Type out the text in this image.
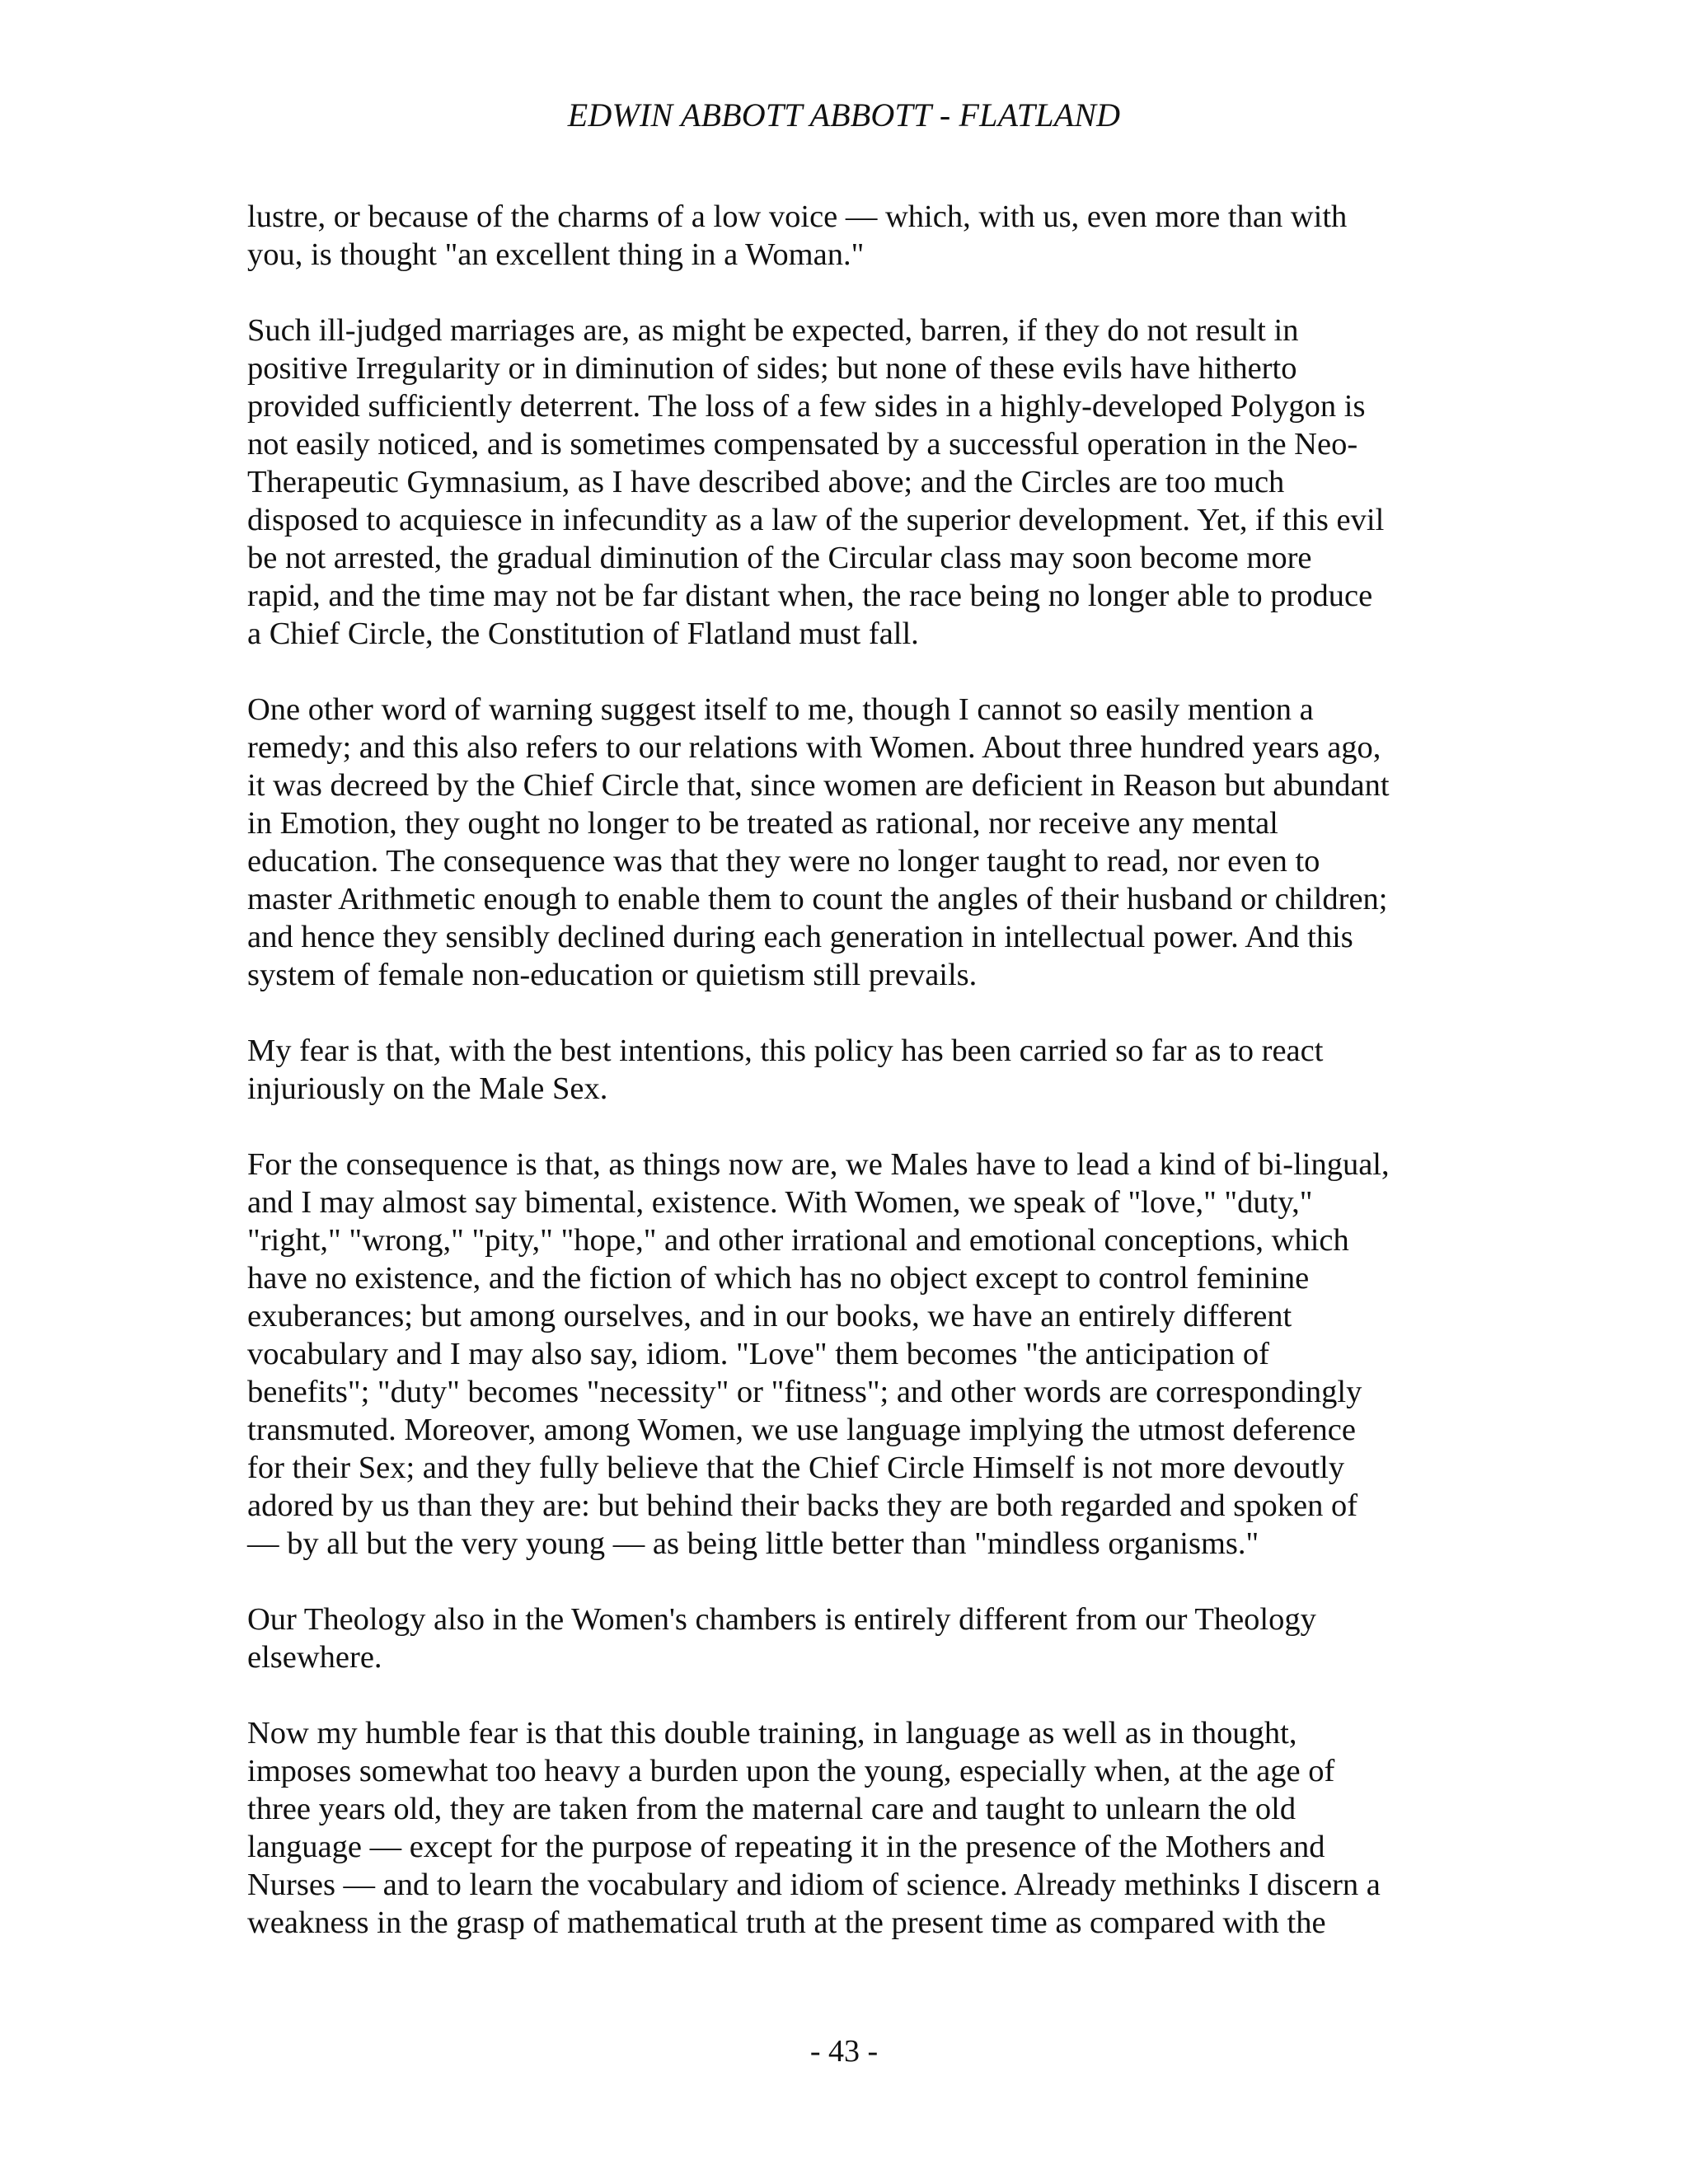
EDWIN ABBOTT ABBOTT - FLATLAND

lustre, or because of the charms of a low voice — which, with us, even more than with
you, is thought "an excellent thing in a Woman."

Such ill-judged marriages are, as might be expected, barren, if they do not result in
positive Irregularity or in diminution of sides; but none of these evils have hitherto
provided sufficiently deterrent. The loss of a few sides in a highly-developed Polygon is
not easily noticed, and is sometimes compensated by a successful operation in the Neo-
Therapeutic Gymnasium, as I have described above; and the Circles are too much
disposed to acquiesce in infecundity as a law of the superior development. Yet, if this evil
be not arrested, the gradual diminution of the Circular class may soon become more
rapid, and the time may not be far distant when, the race being no longer able to produce
a Chief Circle, the Constitution of Flatland must fall.

One other word of warning suggest itself to me, though I cannot so easily mention a
remedy; and this also refers to our relations with Women. About three hundred years ago,
it was decreed by the Chief Circle that, since women are deficient in Reason but abundant
in Emotion, they ought no longer to be treated as rational, nor receive any mental
education. The consequence was that they were no longer taught to read, nor even to
master Arithmetic enough to enable them to count the angles of their husband or children;
and hence they sensibly declined during each generation in intellectual power. And this
system of female non-education or quietism still prevails.

My fear is that, with the best intentions, this policy has been carried so far as to react
injuriously on the Male Sex.

For the consequence is that, as things now are, we Males have to lead a kind of bi-lingual,
and I may almost say bimental, existence. With Women, we speak of "love," "duty,"
"right," "wrong," "pity," "hope," and other irrational and emotional conceptions, which
have no existence, and the fiction of which has no object except to control feminine
exuberances; but among ourselves, and in our books, we have an entirely different
vocabulary and I may also say, idiom. "Love" them becomes "the anticipation of
benefits"; "duty" becomes "necessity" or "fitness"; and other words are correspondingly
transmuted. Moreover, among Women, we use language implying the utmost deference
for their Sex; and they fully believe that the Chief Circle Himself is not more devoutly
adored by us than they are: but behind their backs they are both regarded and spoken of
— by all but the very young — as being little better than "mindless organisms."

Our Theology also in the Women's chambers is entirely different from our Theology
elsewhere.

Now my humble fear is that this double training, in language as well as in thought,
imposes somewhat too heavy a burden upon the young, especially when, at the age of
three years old, they are taken from the maternal care and taught to unlearn the old
language — except for the purpose of repeating it in the presence of the Mothers and
Nurses — and to learn the vocabulary and idiom of science. Already methinks I discern a
weakness in the grasp of mathematical truth at the present time as compared with the

- 43 -
